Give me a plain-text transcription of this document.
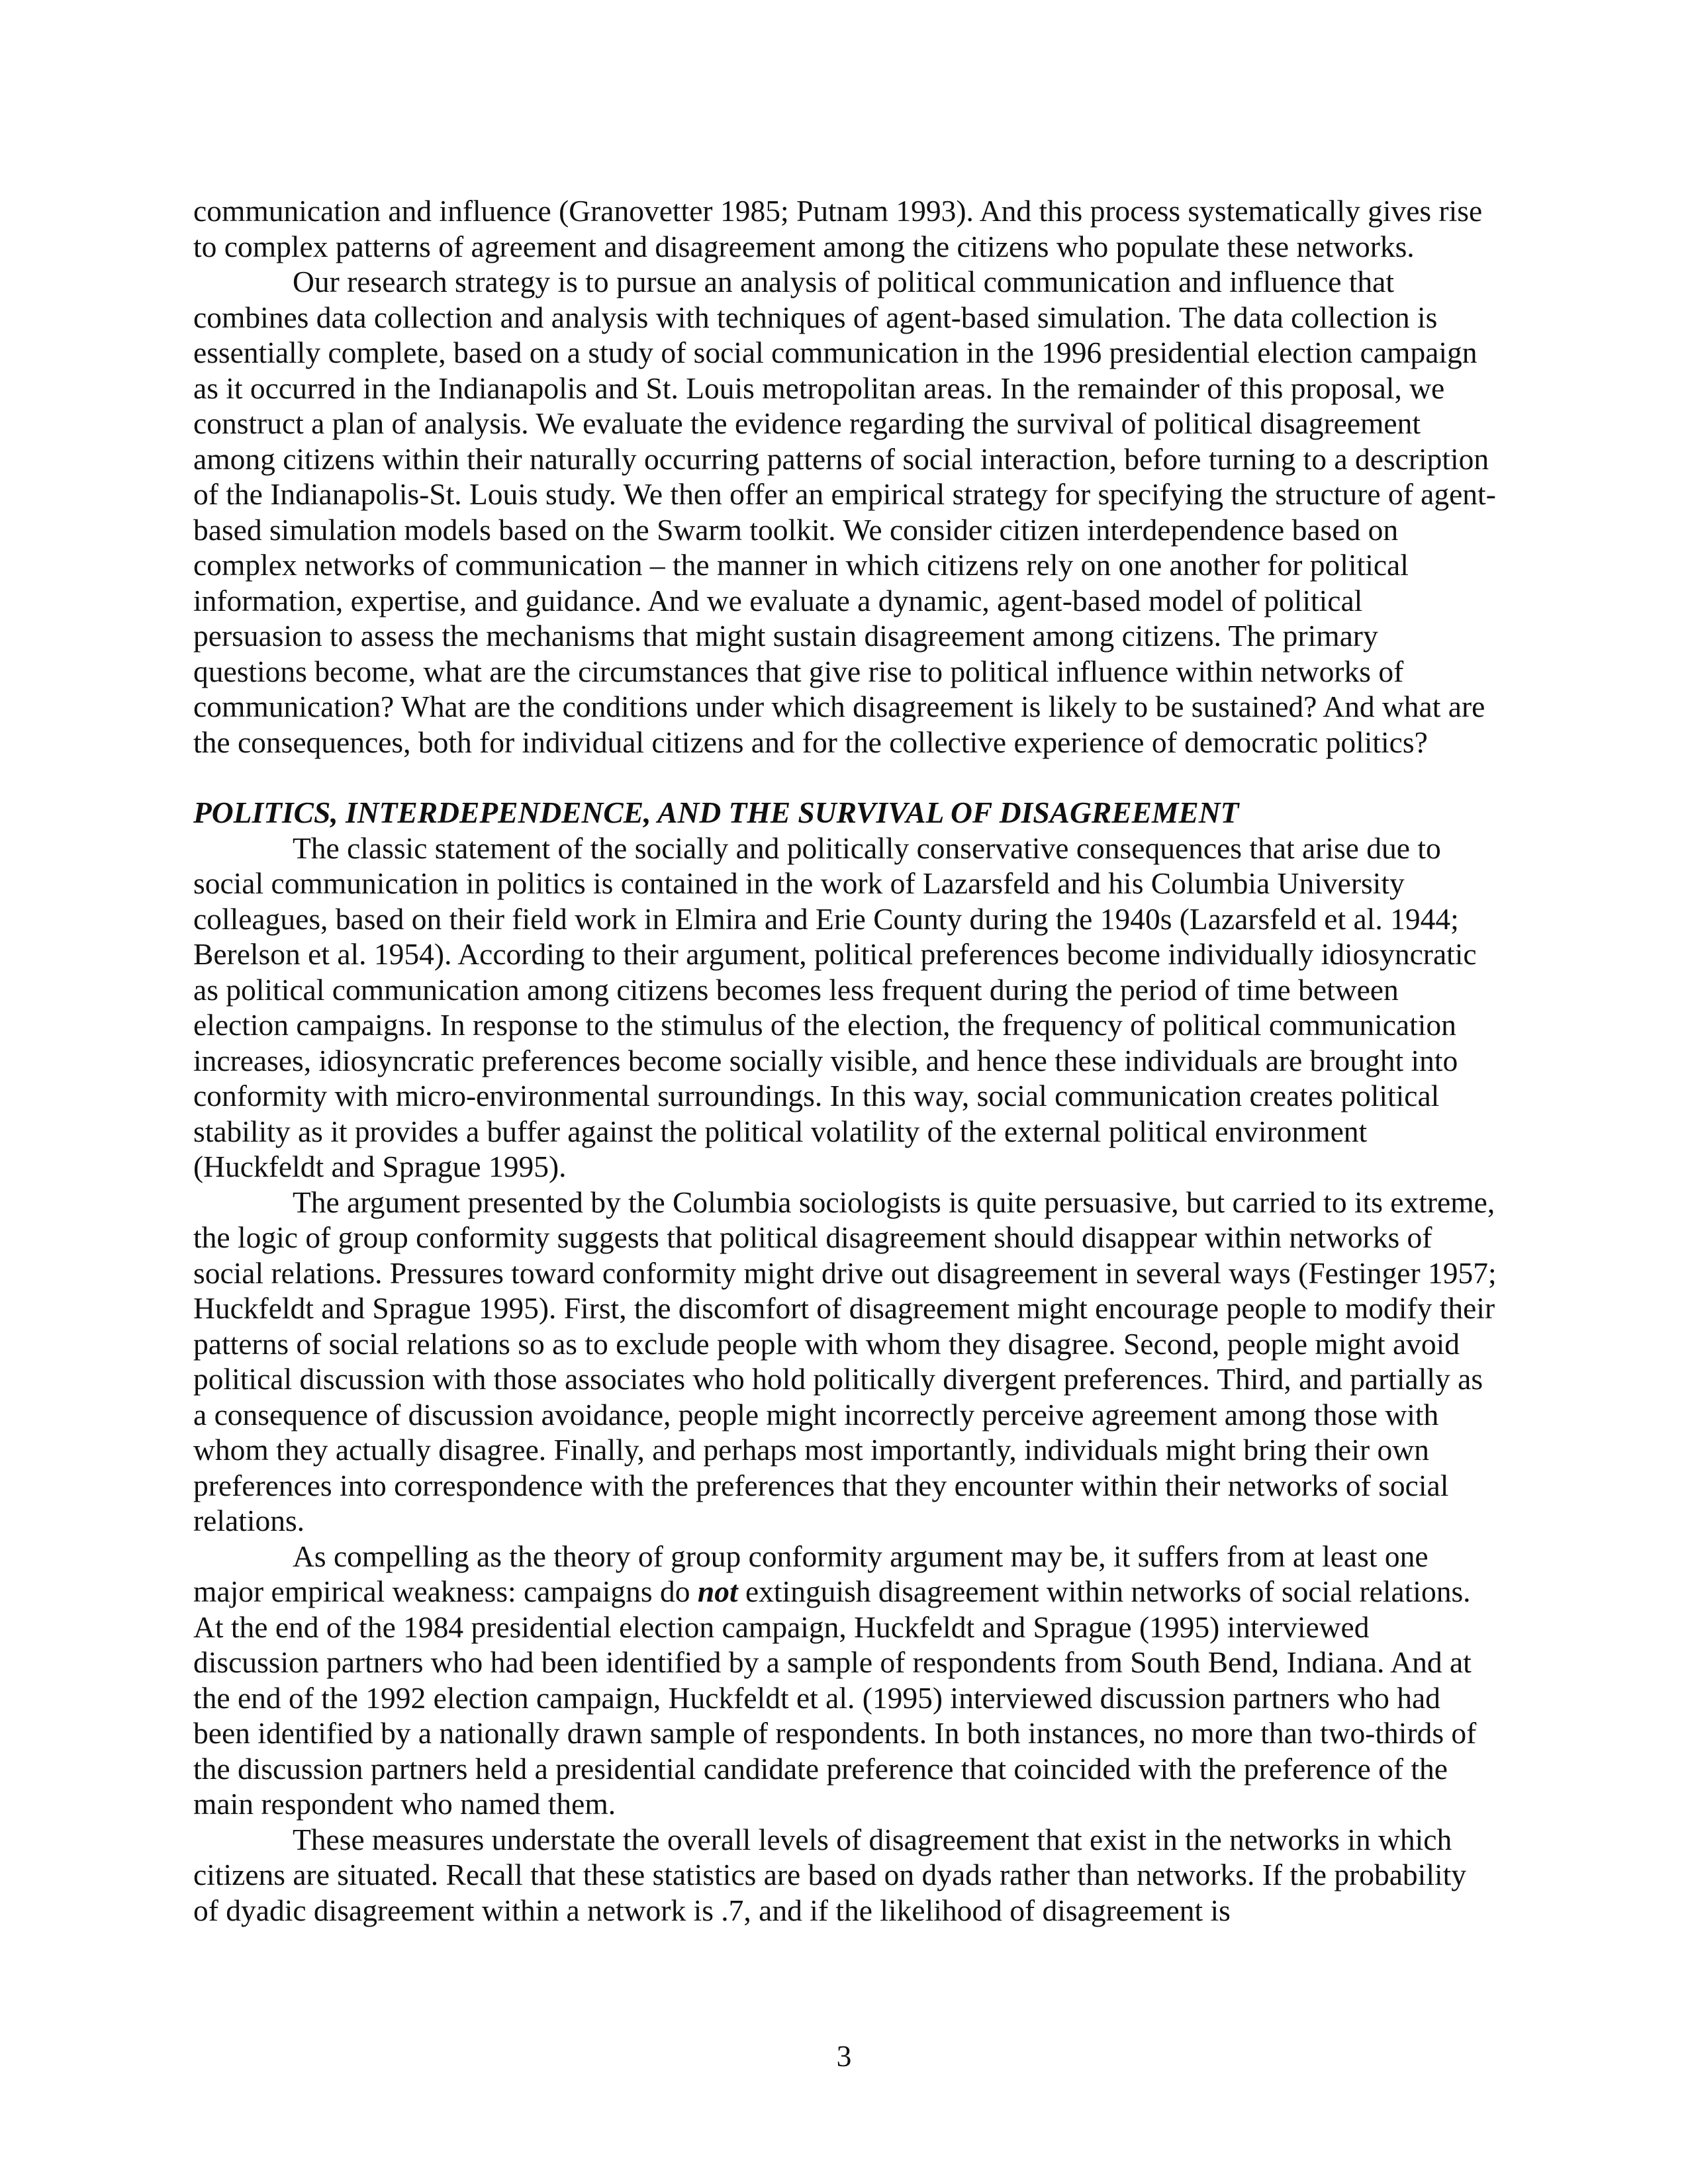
communication and influence (Granovetter 1985; Putnam 1993). And this process systematically gives rise to complex patterns of agreement and disagreement among the citizens who populate these networks.

Our research strategy is to pursue an analysis of political communication and influence that combines data collection and analysis with techniques of agent-based simulation. The data collection is essentially complete, based on a study of social communication in the 1996 presidential election campaign as it occurred in the Indianapolis and St. Louis metropolitan areas. In the remainder of this proposal, we construct a plan of analysis. We evaluate the evidence regarding the survival of political disagreement among citizens within their naturally occurring patterns of social interaction, before turning to a description of the Indianapolis-St. Louis study. We then offer an empirical strategy for specifying the structure of agent-based simulation models based on the Swarm toolkit. We consider citizen interdependence based on complex networks of communication – the manner in which citizens rely on one another for political information, expertise, and guidance. And we evaluate a dynamic, agent-based model of political persuasion to assess the mechanisms that might sustain disagreement among citizens. The primary questions become, what are the circumstances that give rise to political influence within networks of communication? What are the conditions under which disagreement is likely to be sustained? And what are the consequences, both for individual citizens and for the collective experience of democratic politics?

POLITICS, INTERDEPENDENCE, AND THE SURVIVAL OF DISAGREEMENT

The classic statement of the socially and politically conservative consequences that arise due to social communication in politics is contained in the work of Lazarsfeld and his Columbia University colleagues, based on their field work in Elmira and Erie County during the 1940s (Lazarsfeld et al. 1944; Berelson et al. 1954). According to their argument, political preferences become individually idiosyncratic as political communication among citizens becomes less frequent during the period of time between election campaigns. In response to the stimulus of the election, the frequency of political communication increases, idiosyncratic preferences become socially visible, and hence these individuals are brought into conformity with micro-environmental surroundings. In this way, social communication creates political stability as it provides a buffer against the political volatility of the external political environment (Huckfeldt and Sprague 1995).

The argument presented by the Columbia sociologists is quite persuasive, but carried to its extreme, the logic of group conformity suggests that political disagreement should disappear within networks of social relations. Pressures toward conformity might drive out disagreement in several ways (Festinger 1957; Huckfeldt and Sprague 1995). First, the discomfort of disagreement might encourage people to modify their patterns of social relations so as to exclude people with whom they disagree. Second, people might avoid political discussion with those associates who hold politically divergent preferences. Third, and partially as a consequence of discussion avoidance, people might incorrectly perceive agreement among those with whom they actually disagree. Finally, and perhaps most importantly, individuals might bring their own preferences into correspondence with the preferences that they encounter within their networks of social relations.

As compelling as the theory of group conformity argument may be, it suffers from at least one major empirical weakness: campaigns do not extinguish disagreement within networks of social relations. At the end of the 1984 presidential election campaign, Huckfeldt and Sprague (1995) interviewed discussion partners who had been identified by a sample of respondents from South Bend, Indiana. And at the end of the 1992 election campaign, Huckfeldt et al. (1995) interviewed discussion partners who had been identified by a nationally drawn sample of respondents. In both instances, no more than two-thirds of the discussion partners held a presidential candidate preference that coincided with the preference of the main respondent who named them.

These measures understate the overall levels of disagreement that exist in the networks in which citizens are situated. Recall that these statistics are based on dyads rather than networks. If the probability of dyadic disagreement within a network is .7, and if the likelihood of disagreement is

3
